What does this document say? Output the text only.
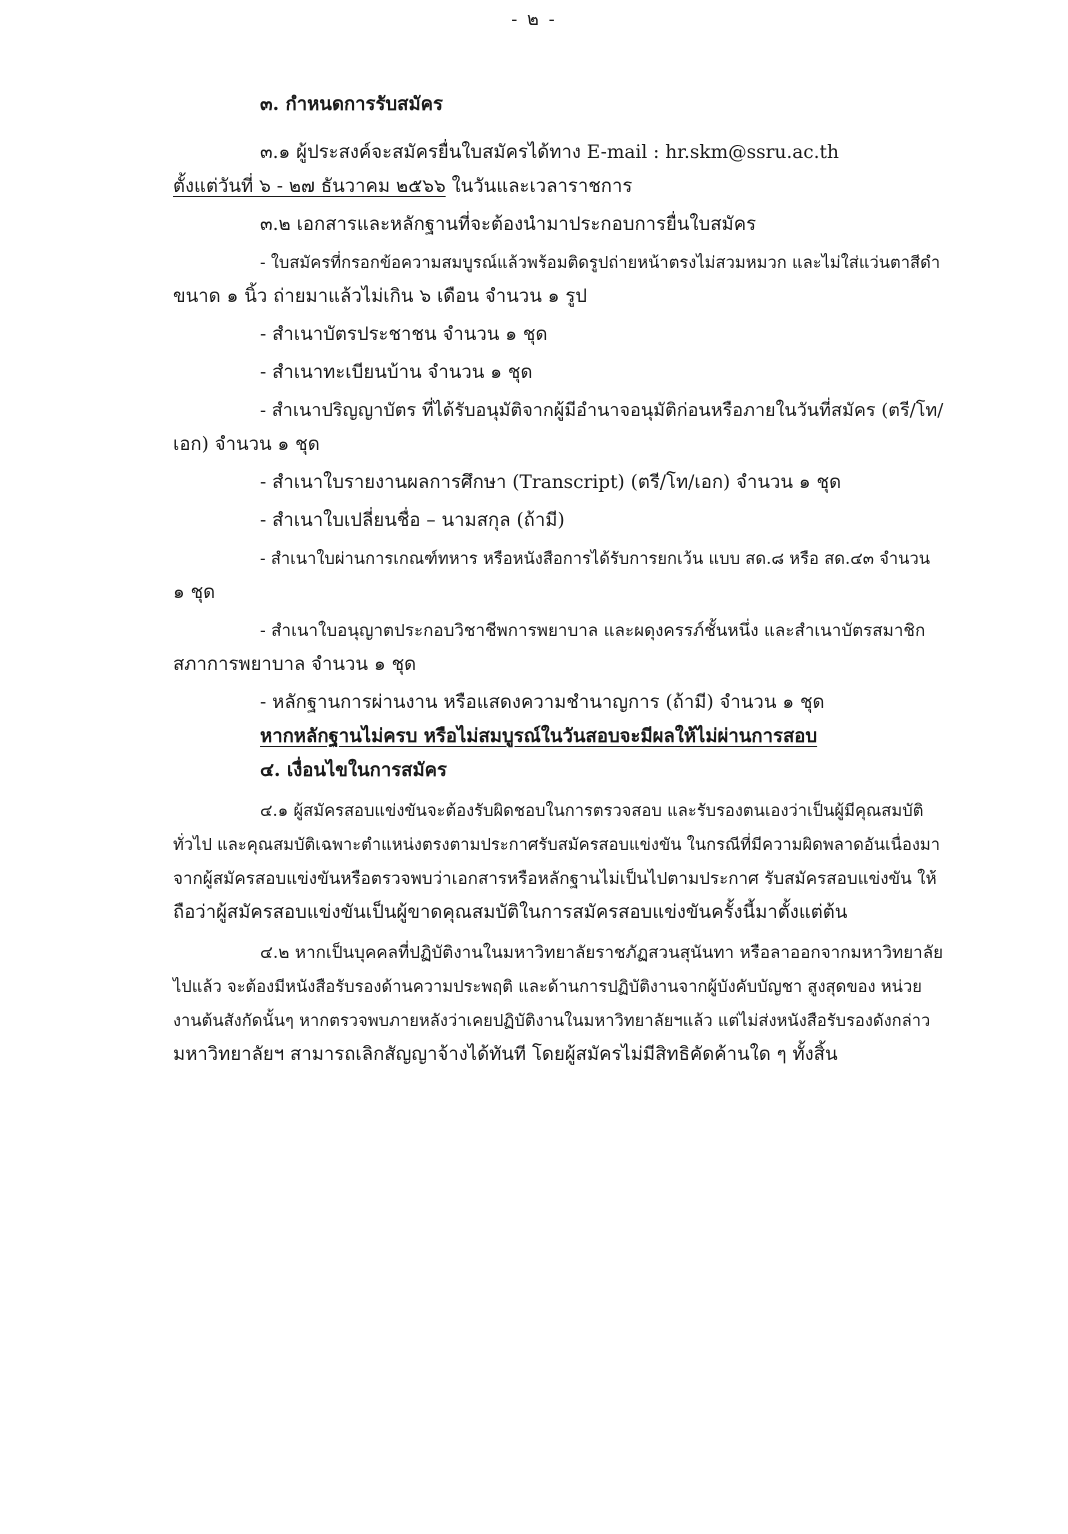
- ๒ -
๓. กำหนดการรับสมัคร
๓.๑ ผู้ประสงค์จะสมัครยื่นใบสมัครได้ทาง E-mail : hr.skm@ssru.ac.th
ตั้งแต่วันที่ ๖ - ๒๗ ธันวาคม ๒๕๖๖ ในวันและเวลาราชการ
๓.๒ เอกสารและหลักฐานที่จะต้องนำมาประกอบการยื่นใบสมัคร
- ใบสมัครที่กรอกข้อความสมบูรณ์แล้วพร้อมติดรูปถ่ายหน้าตรงไม่สวมหมวก และไม่ใส่แว่นตาสีดำ
ขนาด ๑ นิ้ว ถ่ายมาแล้วไม่เกิน ๖ เดือน จำนวน ๑ รูป
- สำเนาบัตรประชาชน จำนวน ๑ ชุด
- สำเนาทะเบียนบ้าน จำนวน ๑ ชุด
- สำเนาปริญญาบัตร ที่ได้รับอนุมัติจากผู้มีอำนาจอนุมัติก่อนหรือภายในวันที่สมัคร (ตรี/โท/
เอก) จำนวน ๑ ชุด
- สำเนาใบรายงานผลการศึกษา (Transcript) (ตรี/โท/เอก) จำนวน ๑ ชุด
- สำเนาใบเปลี่ยนชื่อ – นามสกุล (ถ้ามี)
- สำเนาใบผ่านการเกณฑ์ทหาร หรือหนังสือการได้รับการยกเว้น แบบ สด.๘ หรือ สด.๔๓ จำนวน
๑ ชุด
- สำเนาใบอนุญาตประกอบวิชาชีพการพยาบาล และผดุงครรภ์ชั้นหนึ่ง และสำเนาบัตรสมาชิก
สภาการพยาบาล จำนวน ๑ ชุด
- หลักฐานการผ่านงาน หรือแสดงความชำนาญการ (ถ้ามี) จำนวน ๑ ชุด
หากหลักฐานไม่ครบ หรือไม่สมบูรณ์ในวันสอบจะมีผลให้ไม่ผ่านการสอบ
๔. เงื่อนไขในการสมัคร
๔.๑ ผู้สมัครสอบแข่งขันจะต้องรับผิดชอบในการตรวจสอบ และรับรองตนเองว่าเป็นผู้มีคุณสมบัติ
ทั่วไป และคุณสมบัติเฉพาะตำแหน่งตรงตามประกาศรับสมัครสอบแข่งขัน ในกรณีที่มีความผิดพลาดอันเนื่องมา
จากผู้สมัครสอบแข่งขันหรือตรวจพบว่าเอกสารหรือหลักฐานไม่เป็นไปตามประกาศ รับสมัครสอบแข่งขัน ให้
ถือว่าผู้สมัครสอบแข่งขันเป็นผู้ขาดคุณสมบัติในการสมัครสอบแข่งขันครั้งนี้มาตั้งแต่ต้น
๔.๒ หากเป็นบุคคลที่ปฏิบัติงานในมหาวิทยาลัยราชภัฏสวนสุนันทา หรือลาออกจากมหาวิทยาลัย
ไปแล้ว จะต้องมีหนังสือรับรองด้านความประพฤติ และด้านการปฏิบัติงานจากผู้บังคับบัญชา สูงสุดของ หน่วย
งานต้นสังกัดนั้นๆ หากตรวจพบภายหลังว่าเคยปฏิบัติงานในมหาวิทยาลัยฯแล้ว แต่ไม่ส่งหนังสือรับรองดังกล่าว
มหาวิทยาลัยฯ สามารถเลิกสัญญาจ้างได้ทันที โดยผู้สมัครไม่มีสิทธิคัดค้านใด ๆ ทั้งสิ้น
